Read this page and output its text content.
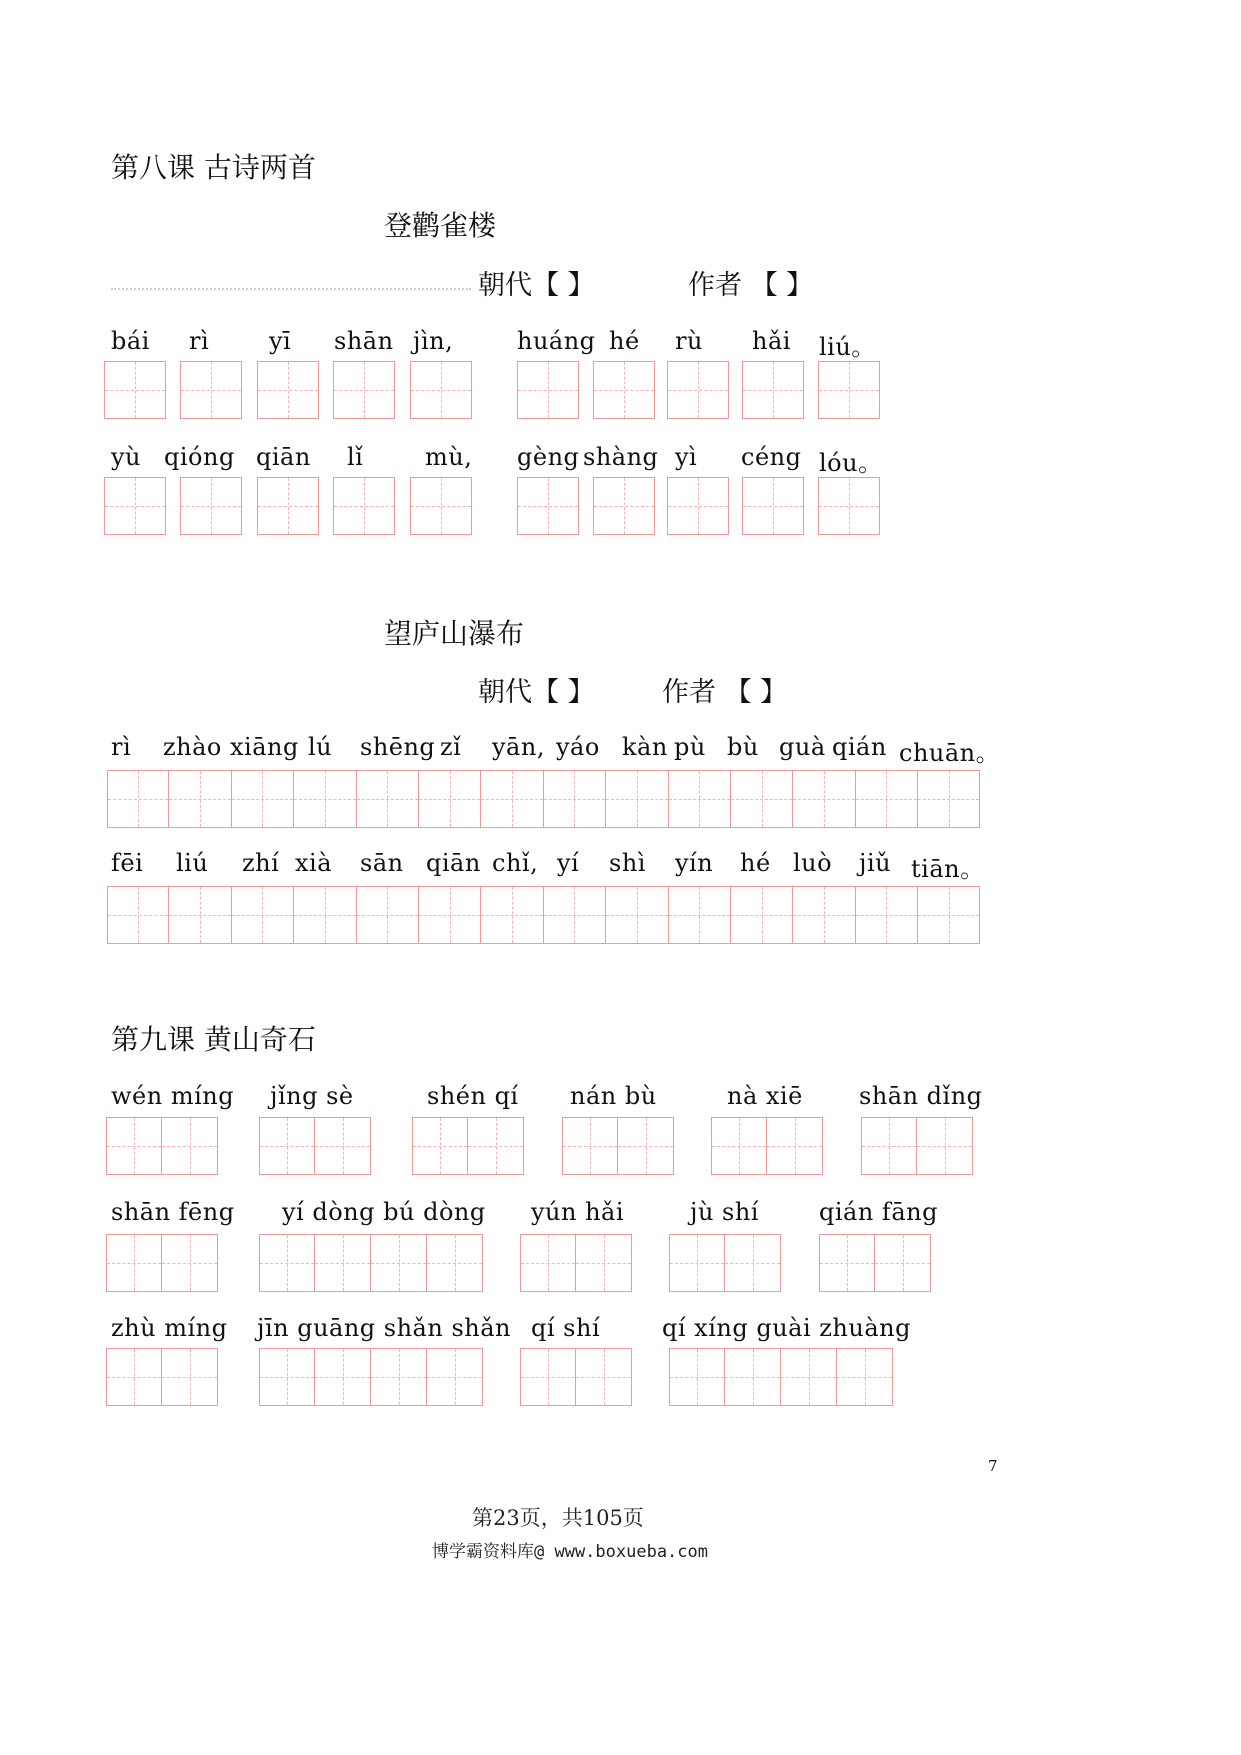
第八课 古诗两首
登鹳雀楼
朝代【 】	作者 【 】
bái rì yī shān jìn,	huáng hé rù hǎi liú。
yù qióng qiān lǐ	mù, gèng shàng yì céng lóu。
望庐山瀑布
朝代【 】 作者 【 】
rì zhào xiāng lú shēng zǐ yān, yáo kàn pù bù guà qián chuān。
fēi liú zhí xià sān qiān chǐ, yí shì yín hé luò jiǔ tiān。
第九课 黄山奇石
wén míng jǐng sè	shén qí nán bù	nà xiē shān dǐng
shān fēng yí dòng bú dòng yún hǎi	jù shí	qián fāng
zhù míng jīn guāng shǎn shǎn qí shí	qí xíng guài zhuàng
7
第23页，共105页
博学霸资料库@ www.boxueba.com
